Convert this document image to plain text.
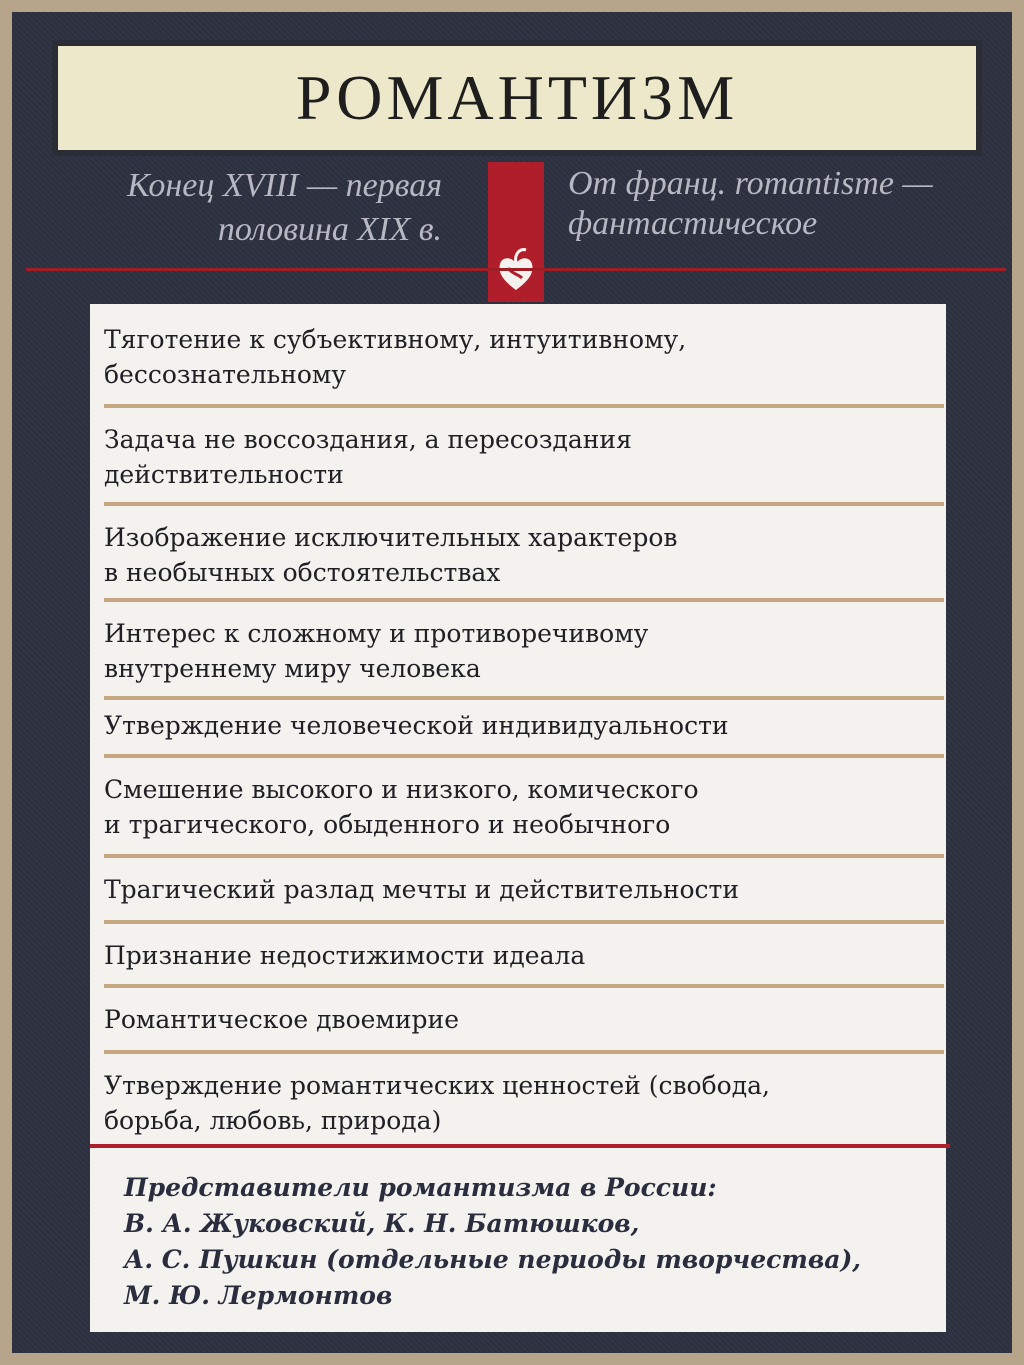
РОМАНТИЗМ
Конец XVIII — первая
половина XIX в.
От франц. romantisme —
фантастическое
Тяготение к субъективному, интуитивному,
бессознательному
Задача не воссоздания, а пересоздания
действительности
Изображение исключительных характеров
в необычных обстоятельствах
Интерес к сложному и противоречивому
внутреннему миру человека
Утверждение человеческой индивидуальности
Смешение высокого и низкого, комического
и трагического, обыденного и необычного
Трагический разлад мечты и действительности
Признание недостижимости идеала
Романтическое двоемирие
Утверждение романтических ценностей (свобода,
борьба, любовь, природа)
Представители романтизма в России:
В. А. Жуковский, К. Н. Батюшков,
А. С. Пушкин (отдельные периоды творчества),
М. Ю. Лермонтов
